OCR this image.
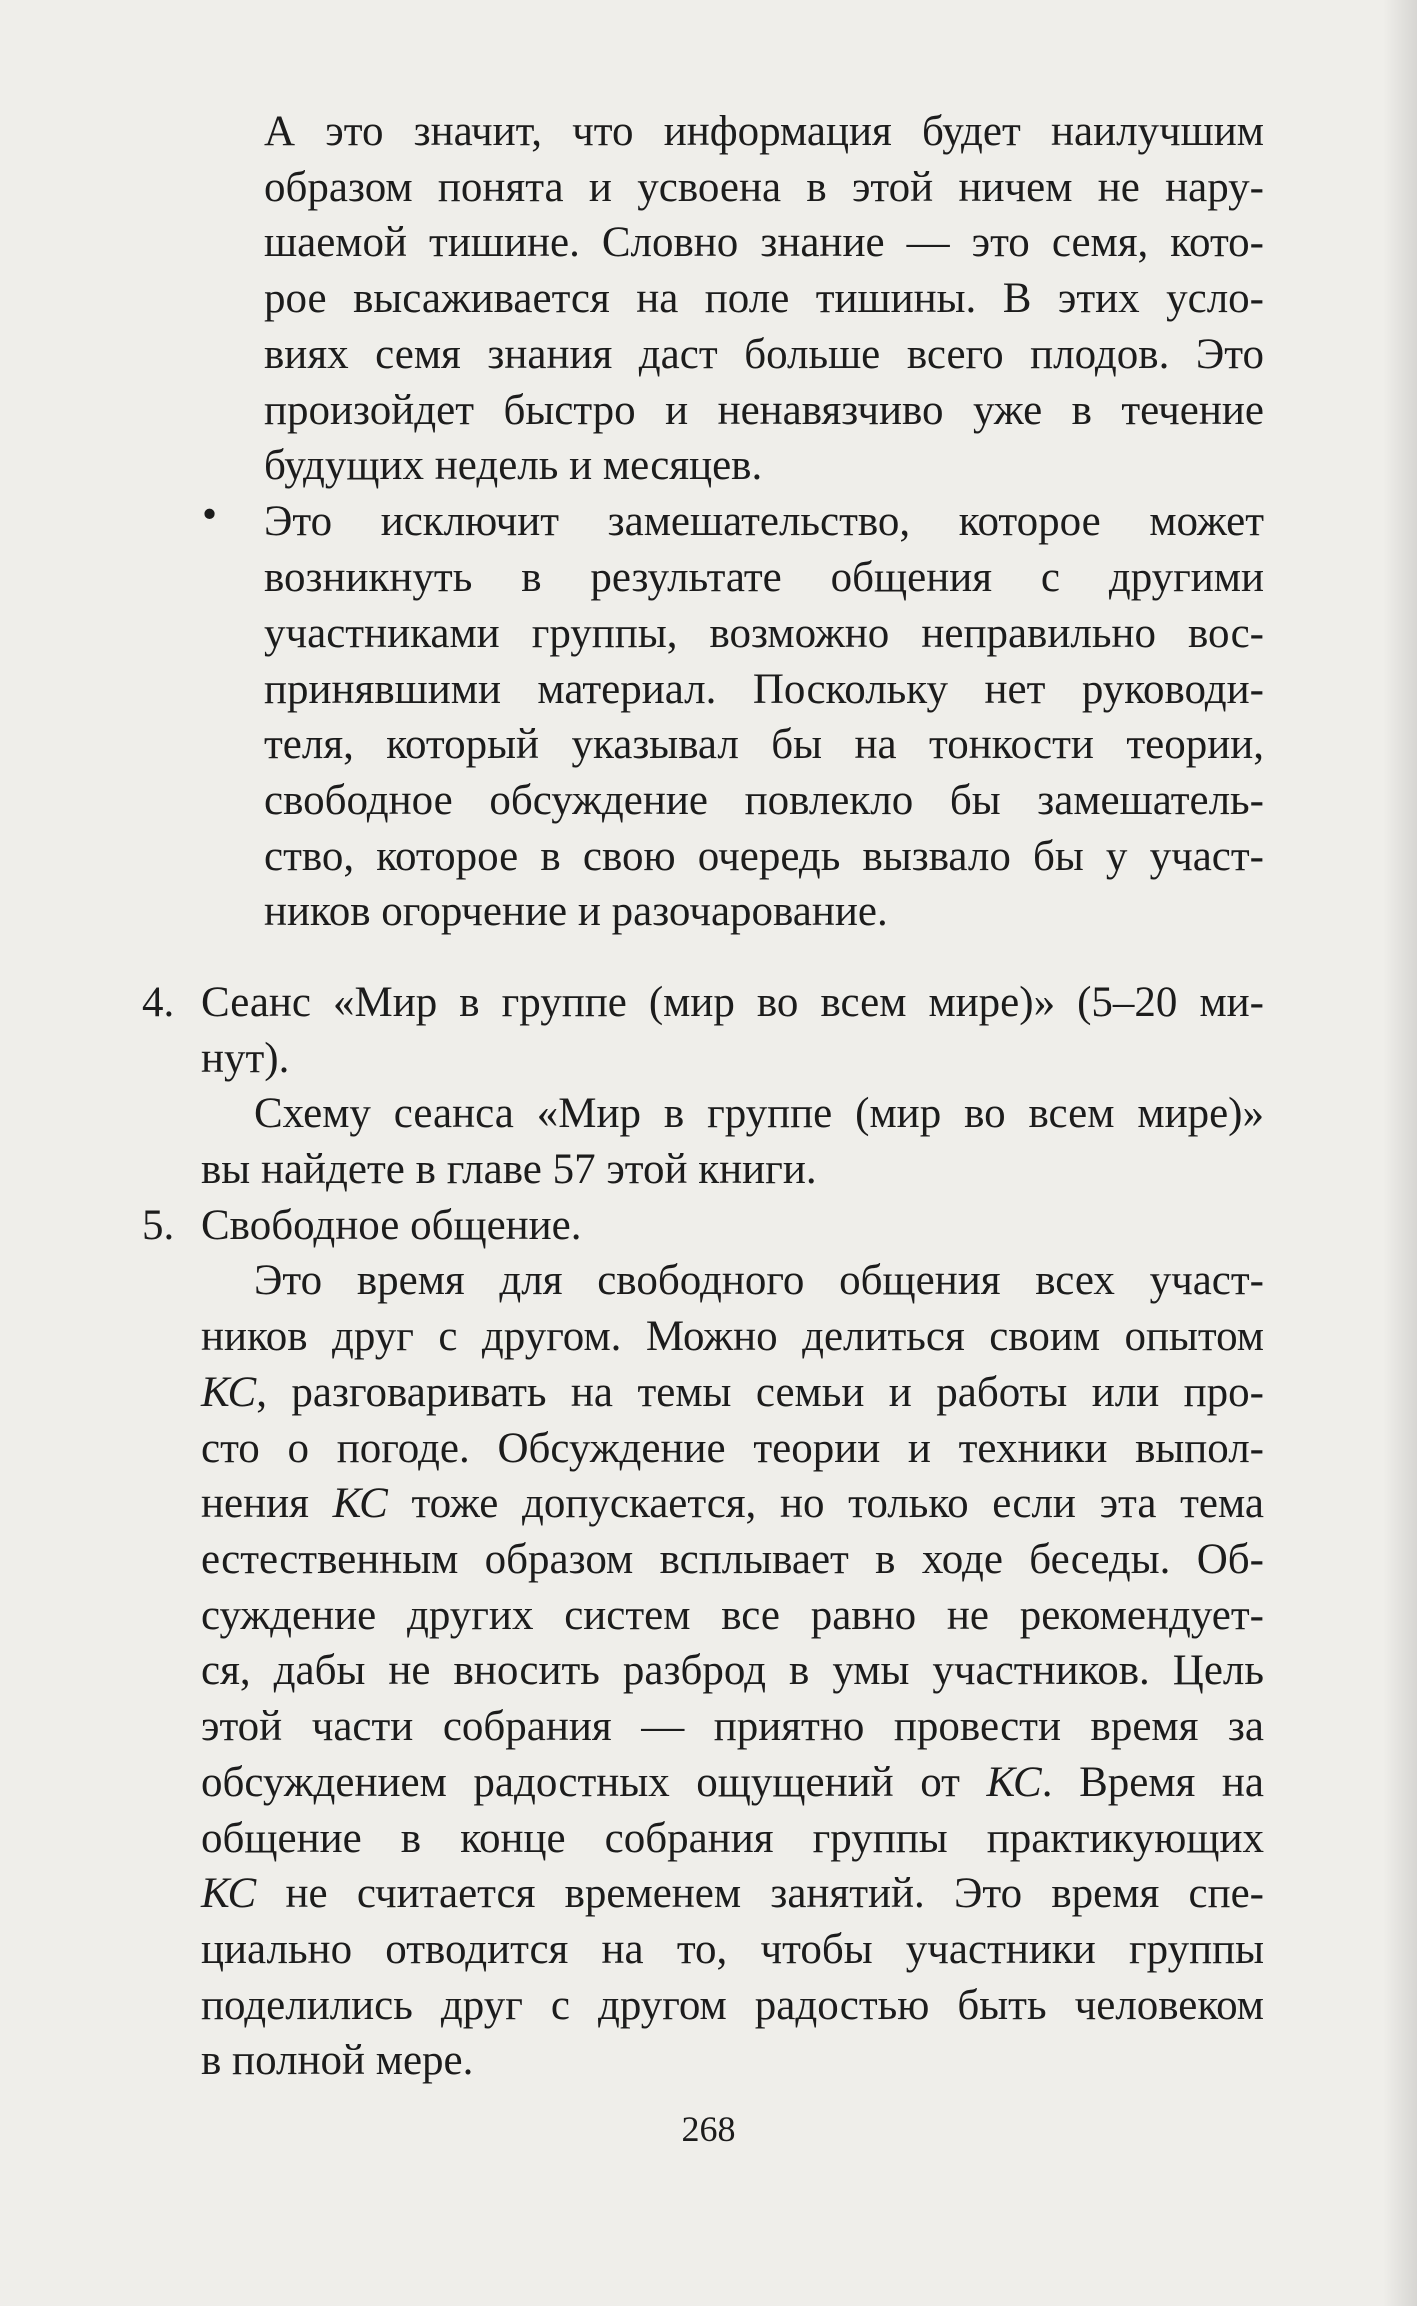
А это значит, что информация будет наилучшим
образом понята и усвоена в этой ничем не нару-
шаемой тишине. Словно знание — это семя, кото-
рое высаживается на поле тишины. В этих усло-
виях семя знания даст больше всего плодов. Это
произойдет быстро и ненавязчиво уже в течение
будущих недель и месяцев.
• Это исключит замешательство, которое может
возникнуть в результате общения с другими
участниками группы, возможно неправильно вос-
принявшими материал. Поскольку нет руководи-
теля, который указывал бы на тонкости теории,
свободное обсуждение повлекло бы замешатель-
ство, которое в свою очередь вызвало бы у участ-
ников огорчение и разочарование.
4. Сеанс «Мир в группе (мир во всем мире)» (5–20 ми-
нут).
Схему сеанса «Мир в группе (мир во всем мире)»
вы найдете в главе 57 этой книги.
5. Свободное общение.
Это время для свободного общения всех участ-
ников друг с другом. Можно делиться своим опытом
КС, разговаривать на темы семьи и работы или про-
сто о погоде. Обсуждение теории и техники выпол-
нения КС тоже допускается, но только если эта тема
естественным образом всплывает в ходе беседы. Об-
суждение других систем все равно не рекомендует-
ся, дабы не вносить разброд в умы участников. Цель
этой части собрания — приятно провести время за
обсуждением радостных ощущений от КС. Время на
общение в конце собрания группы практикующих
КС не считается временем занятий. Это время спе-
циально отводится на то, чтобы участники группы
поделились друг с другом радостью быть человеком
в полной мере.
268
